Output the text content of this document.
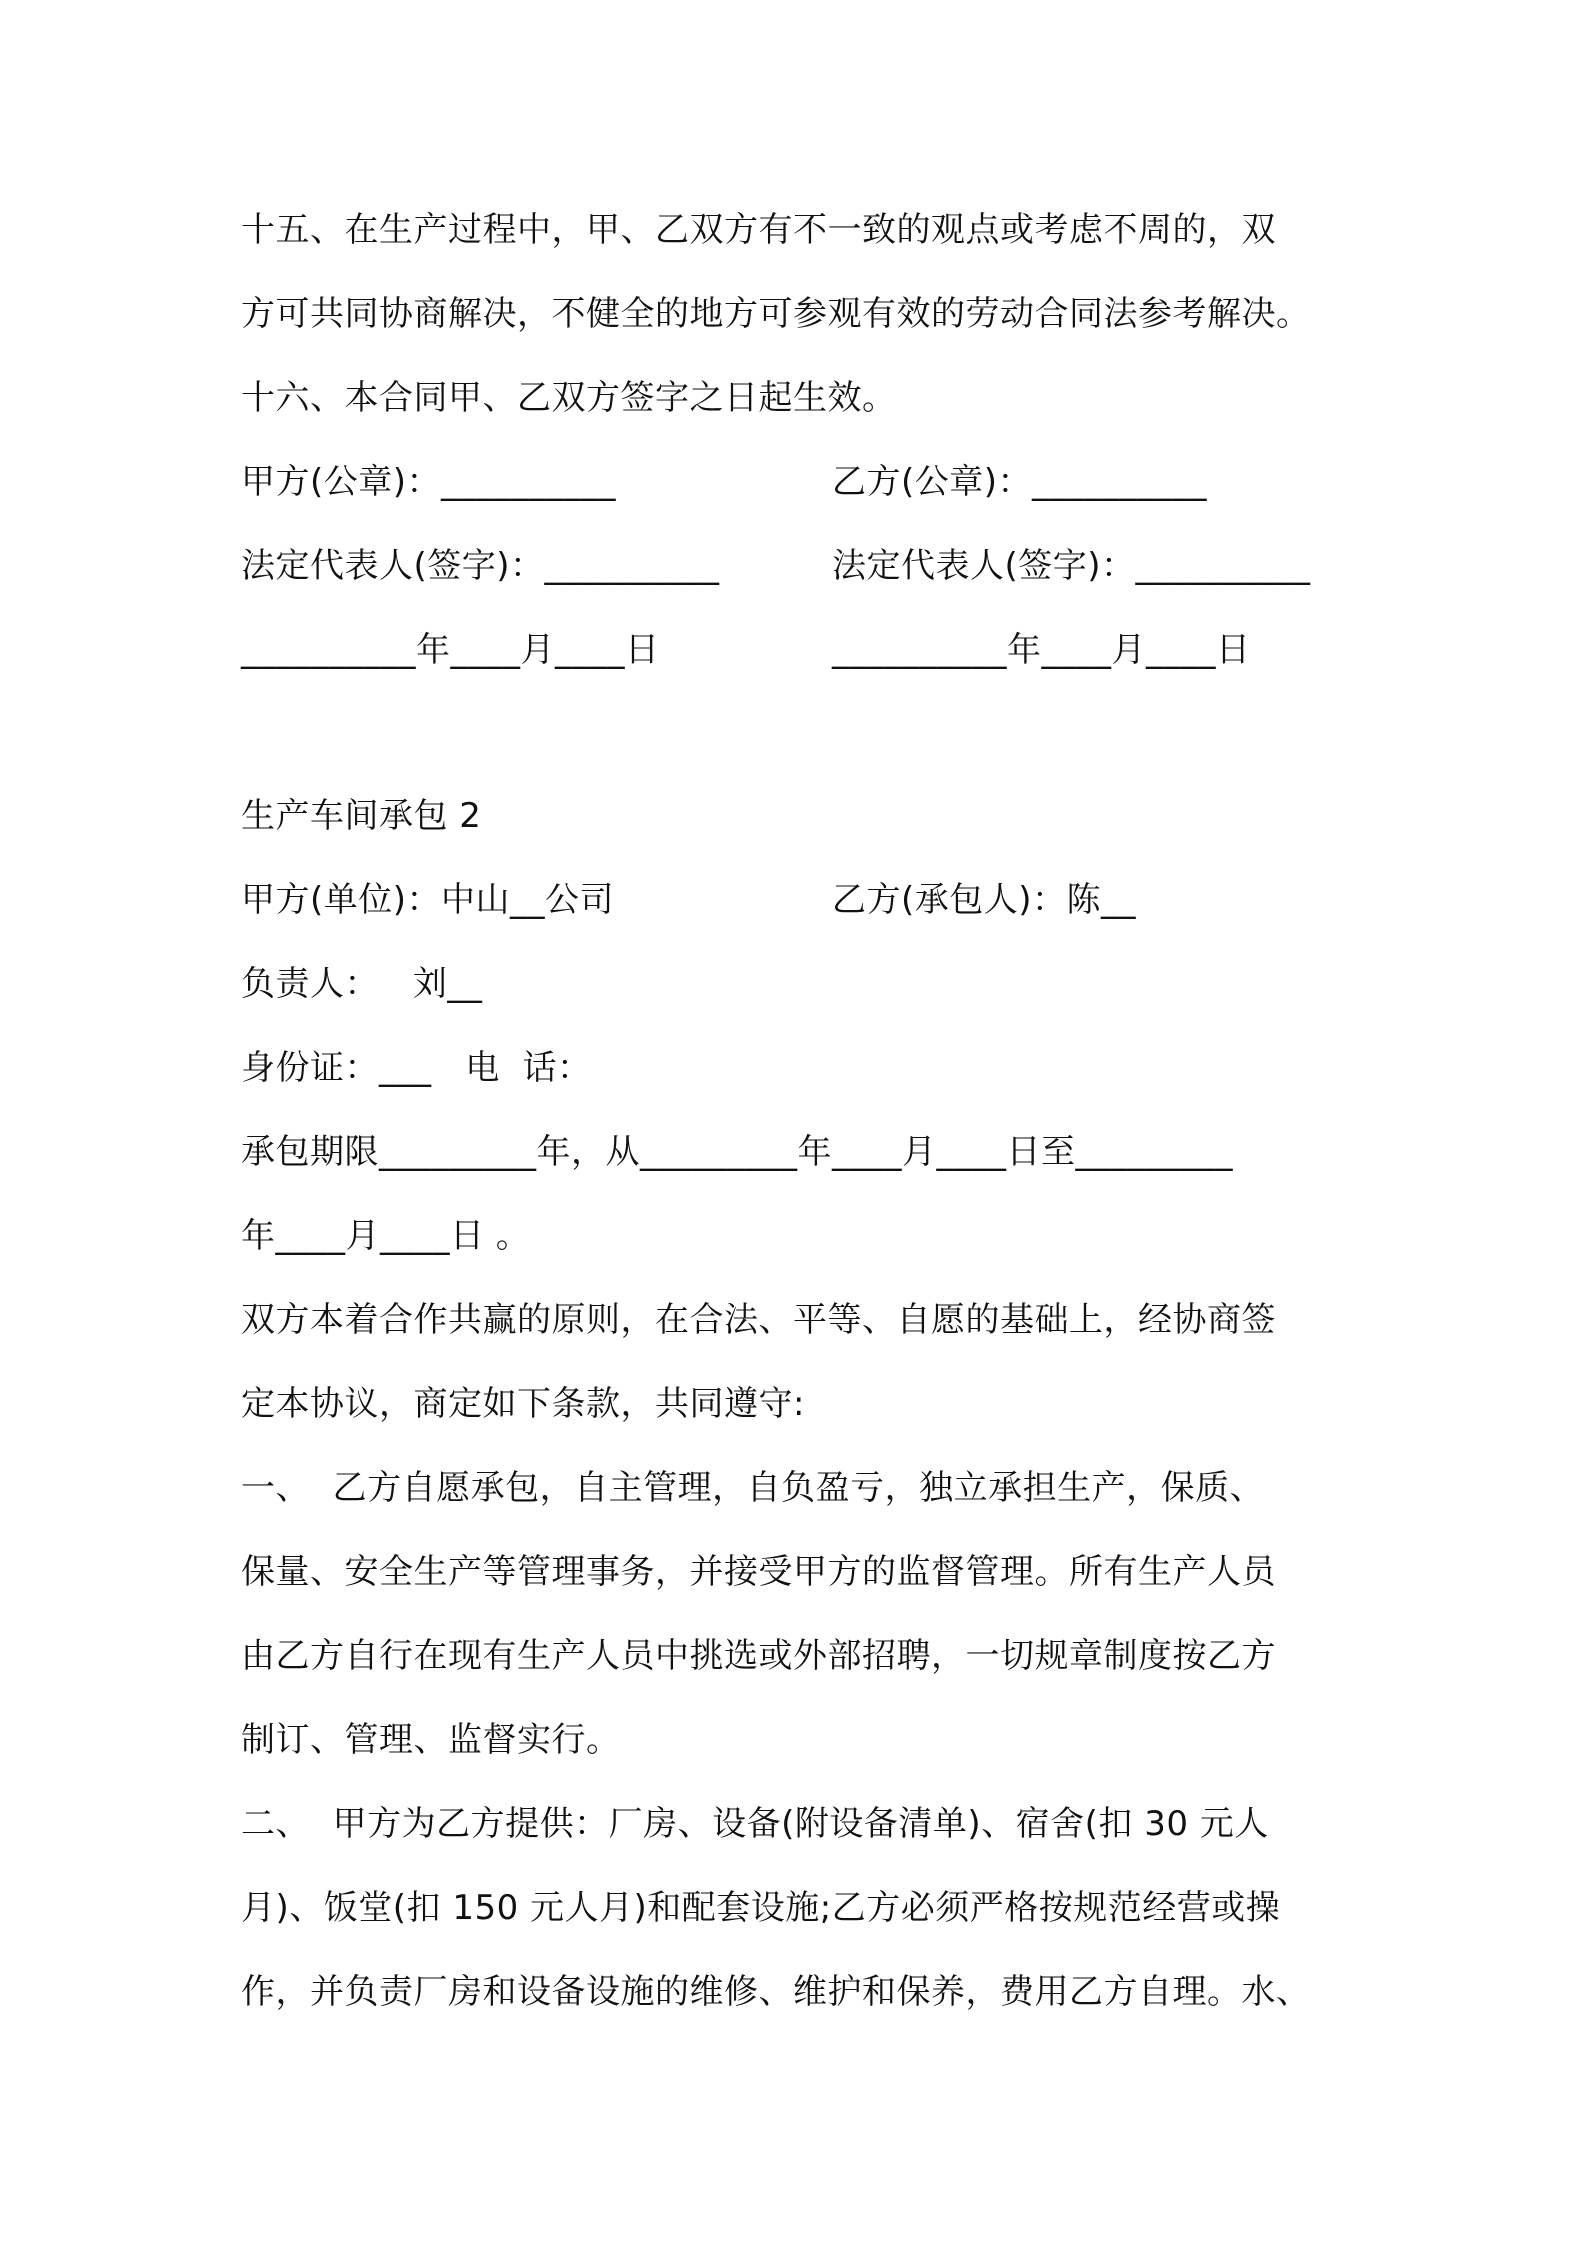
十五、在生产过程中，甲、乙双方有不一致的观点或考虑不周的，双
方可共同协商解决，不健全的地方可参观有效的劳动合同法参考解决。
十六、本合同甲、乙双方签字之日起生效。
甲方(公章)：__________	乙方(公章)：__________
法定代表人(签字)：__________	法定代表人(签字)：__________
__________年____月____日	__________年____月____日
生产车间承包 2
甲方(单位)：中山__公司	乙方(承包人)：陈__
负责人：   刘__
身份证：___   电  话：
承包期限_________年，从_________年____月____日至_________
年____月____日 。
双方本着合作共赢的原则，在合法、平等、自愿的基础上，经协商签
定本协议，商定如下条款，共同遵守:
一、  乙方自愿承包，自主管理，自负盈亏，独立承担生产，保质、
保量、安全生产等管理事务，并接受甲方的监督管理。所有生产人员
由乙方自行在现有生产人员中挑选或外部招聘，一切规章制度按乙方
制订、管理、监督实行。
二、  甲方为乙方提供：厂房、设备(附设备清单)、宿舍(扣 30 元人
月)、饭堂(扣 150 元人月)和配套设施;乙方必须严格按规范经营或操
作，并负责厂房和设备设施的维修、维护和保养，费用乙方自理。水、
